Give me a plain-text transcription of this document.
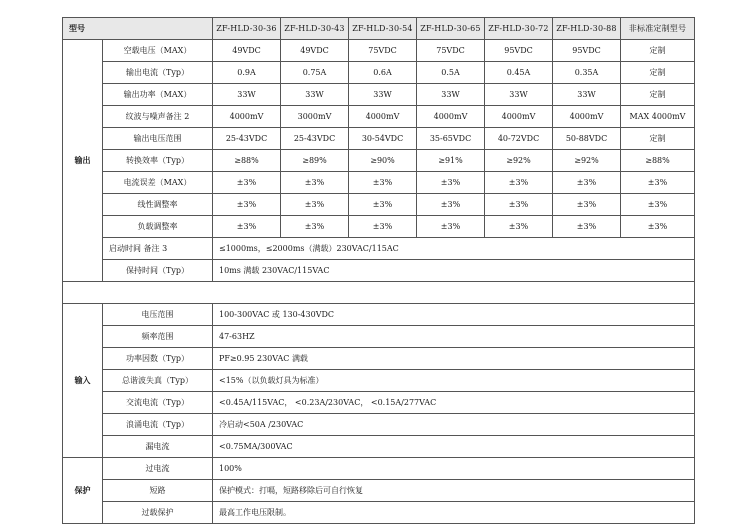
型号		ZF-HLD-30-36	ZF-HLD-30-43	ZF-HLD-30-54	ZF-HLD-30-65	ZF-HLD-30-72	ZF-HLD-30-88	非标准定制型号
输出	空载电压（MAX）	49VDC	49VDC	75VDC	75VDC	95VDC	95VDC	定制
	输出电流（Typ）	0.9A	0.75A	0.6A	0.5A	0.45A	0.35A	定制
	输出功率（MAX）	33W	33W	33W	33W	33W	33W	定制
	纹波与噪声备注 2	4000mV	3000mV	4000mV	4000mV	4000mV	4000mV	MAX 4000mV
	输出电压范围	25-43VDC	25-43VDC	30-54VDC	35-65VDC	40-72VDC	50-88VDC	定制
	转换效率（Typ）	≥88%	≥89%	≥90%	≥91%	≥92%	≥92%	≥88%
	电流误差（MAX）	±3%	±3%	±3%	±3%	±3%	±3%	±3%
	线性调整率	±3%	±3%	±3%	±3%	±3%	±3%	±3%
	负载调整率	±3%	±3%	±3%	±3%	±3%	±3%	±3%
	启动时间 备注 3	≤1000ms，≤2000ms（满载）230VAC/115AC						
	保持时间（Typ）	10ms 满载 230VAC/115VAC						

输入	电压范围	100-300VAC 或 130-430VDC						
	频率范围	47-63HZ						
	功率因数（Typ）	PF≥0.95 230VAC 满载						
	总谐波失真（Typ）	<15%（以负载灯具为标准）						
	交流电流（Typ）	<0.45A/115VAC， <0.23A/230VAC， <0.15A/277VAC						
	浪涌电流（Typ）	冷启动<50A /230VAC						
	漏电流	<0.75MA/300VAC						
保护	过电流	100%						
	短路	保护模式：打嗝，短路移除后可自行恢复						
	过载保护	最高工作电压限制。						
